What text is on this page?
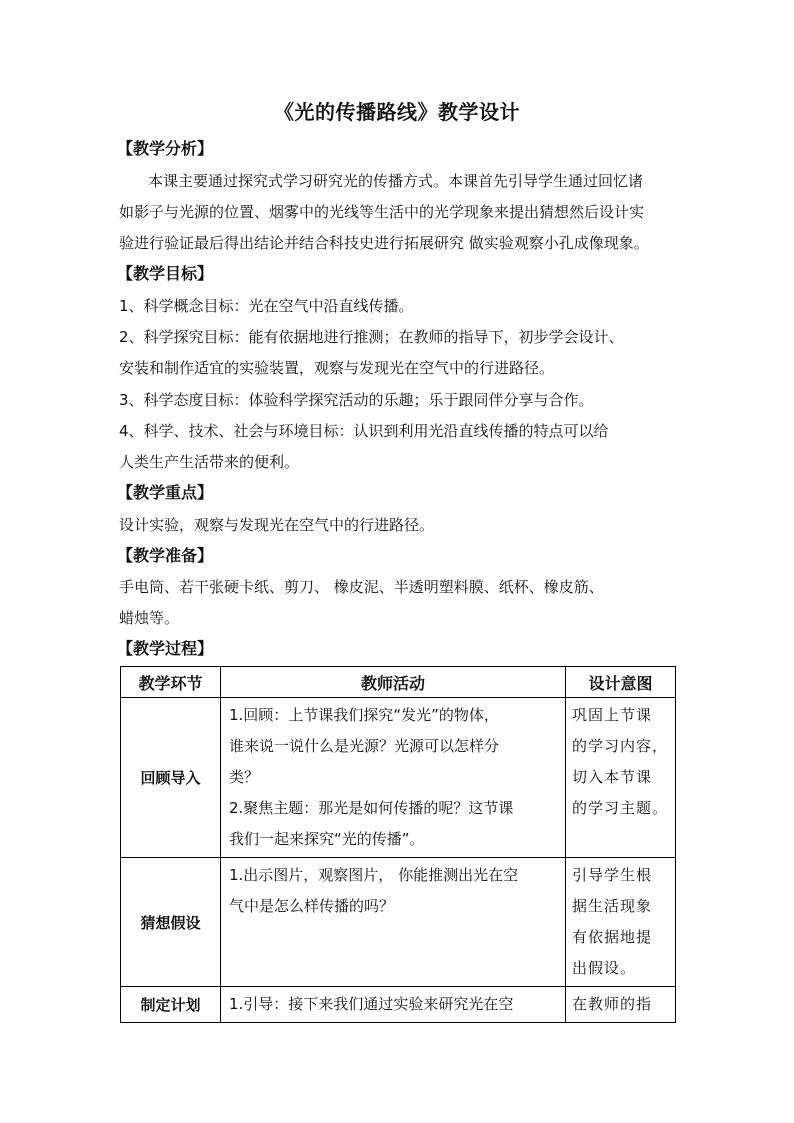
《光的传播路线》教学设计
【教学分析】
本课主要通过探究式学习研究光的传播方式。本课首先引导学生通过回忆诸
如影子与光源的位置、烟雾中的光线等生活中的光学现象来提出猜想然后设计实
验进行验证最后得出结论并结合科技史进行拓展研究 做实验观察小孔成像现象。
【教学目标】
1、科学概念目标：光在空气中沿直线传播。
2、科学探究目标：能有依据地进行推测；在教师的指导下，初步学会设计、
安装和制作适宜的实验装置，观察与发现光在空气中的行进路径。
3、科学态度目标：体验科学探究活动的乐趣；乐于跟同伴分享与合作。
4、科学、技术、社会与环境目标：认识到利用光沿直线传播的特点可以给
人类生产生活带来的便利。
【教学重点】
设计实验，观察与发现光在空气中的行进路径。
【教学准备】
手电筒、若干张硬卡纸、剪刀、 橡皮泥、半透明塑料膜、纸杯、橡皮筋、
蜡烛等。
【教学过程】
教学环节	教师活动	设计意图
回顾导入	1.回顾：上节课我们探究“发光”的物体，
谁来说一说什么是光源？光源可以怎样分
类？
2.聚焦主题：那光是如何传播的呢？这节课
我们一起来探究“光的传播”。	巩固上节课
的学习内容，
切入本节课
的学习主题。

猜想假设	1.出示图片，观察图片， 你能推测出光在空
气中是怎么样传播的吗？	引导学生根
据生活现象
有依据地提
出假设。

制定计划	1.引导：接下来我们通过实验来研究光在空	在教师的指
